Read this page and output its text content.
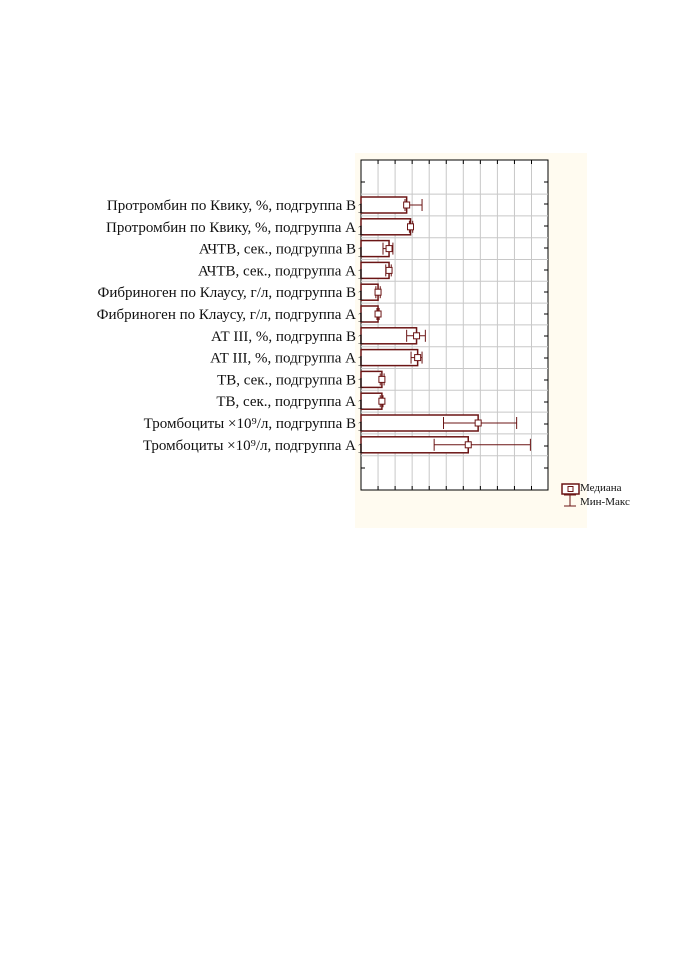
Протромбин по Квику, %, подгруппа В 1
Протромбин по Квику, %, подгруппа А 1
АЧТВ, сек., подгруппа В 1
АЧТВ, сек., подгруппа А 1
Фибриноген по Клаусу, г/л, подгруппа В 1
Фибриноген по Клаусу, г/л, подгруппа А 1
АТ III, %, подгруппа В 1
АТ III, %, подгруппа А 1
ТВ, сек., подгруппа В 1
ТВ, сек., подгруппа А 1
Тромбоциты ×10⁹/л, подгруппа В 1
Тромбоциты ×10⁹/л, подгруппа А 1
Медиана
Мин-Макс
